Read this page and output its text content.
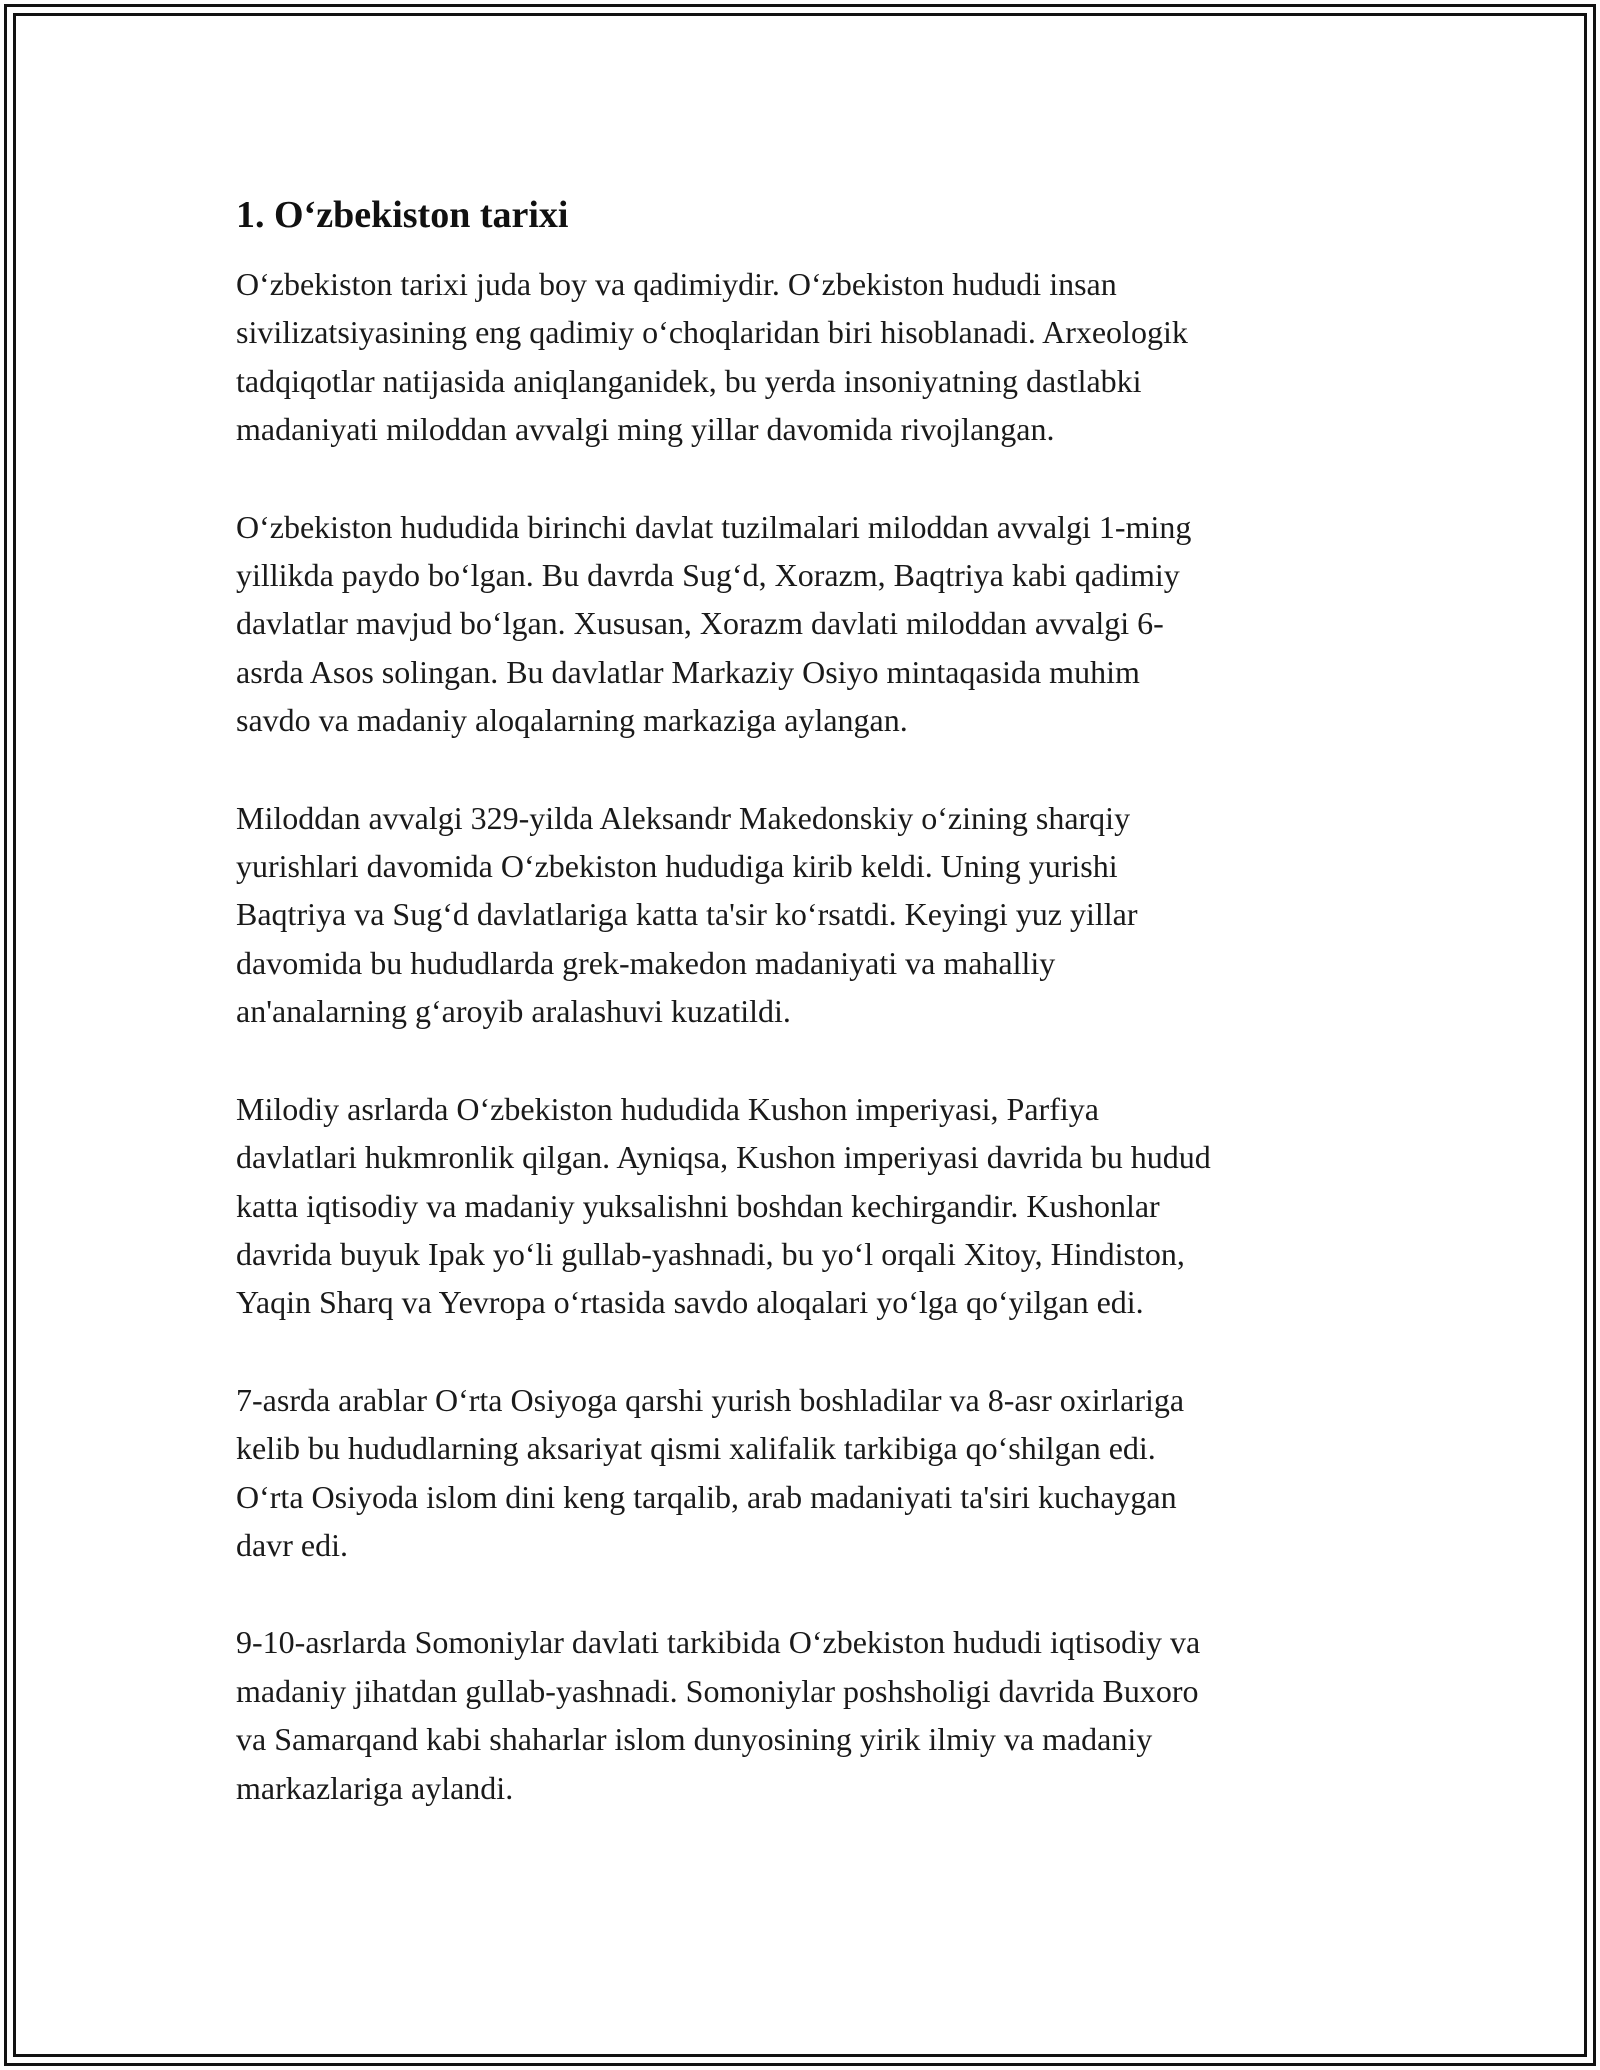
1. O‘zbekiston tarixi

O‘zbekiston tarixi juda boy va qadimiydir. O‘zbekiston hududi insan
sivilizatsiyasining eng qadimiy o‘choqlaridan biri hisoblanadi. Arxeologik
tadqiqotlar natijasida aniqlanganidek, bu yerda insoniyatning dastlabki
madaniyati miloddan avvalgi ming yillar davomida rivojlangan.

O‘zbekiston hududida birinchi davlat tuzilmalari miloddan avvalgi 1-ming
yillikda paydo bo‘lgan. Bu davrda Sug‘d, Xorazm, Baqtriya kabi qadimiy
davlatlar mavjud bo‘lgan. Xususan, Xorazm davlati miloddan avvalgi 6-
asrda Asos solingan. Bu davlatlar Markaziy Osiyo mintaqasida muhim
savdo va madaniy aloqalarning markaziga aylangan.

Miloddan avvalgi 329-yilda Aleksandr Makedonskiy o‘zining sharqiy
yurishlari davomida O‘zbekiston hududiga kirib keldi. Uning yurishi
Baqtriya va Sug‘d davlatlariga katta ta'sir ko‘rsatdi. Keyingi yuz yillar
davomida bu hududlarda grek-makedon madaniyati va mahalliy
an'analarning g‘aroyib aralashuvi kuzatildi.

Milodiy asrlarda O‘zbekiston hududida Kushon imperiyasi, Parfiya
davlatlari hukmronlik qilgan. Ayniqsa, Kushon imperiyasi davrida bu hudud
katta iqtisodiy va madaniy yuksalishni boshdan kechirgandir. Kushonlar
davrida buyuk Ipak yo‘li gullab-yashnadi, bu yo‘l orqali Xitoy, Hindiston,
Yaqin Sharq va Yevropa o‘rtasida savdo aloqalari yo‘lga qo‘yilgan edi.

7-asrda arablar O‘rta Osiyoga qarshi yurish boshladilar va 8-asr oxirlariga
kelib bu hududlarning aksariyat qismi xalifalik tarkibiga qo‘shilgan edi.
O‘rta Osiyoda islom dini keng tarqalib, arab madaniyati ta'siri kuchaygan
davr edi.

9-10-asrlarda Somoniylar davlati tarkibida O‘zbekiston hududi iqtisodiy va
madaniy jihatdan gullab-yashnadi. Somoniylar poshsholigi davrida Buxoro
va Samarqand kabi shaharlar islom dunyosining yirik ilmiy va madaniy
markazlariga aylandi.
